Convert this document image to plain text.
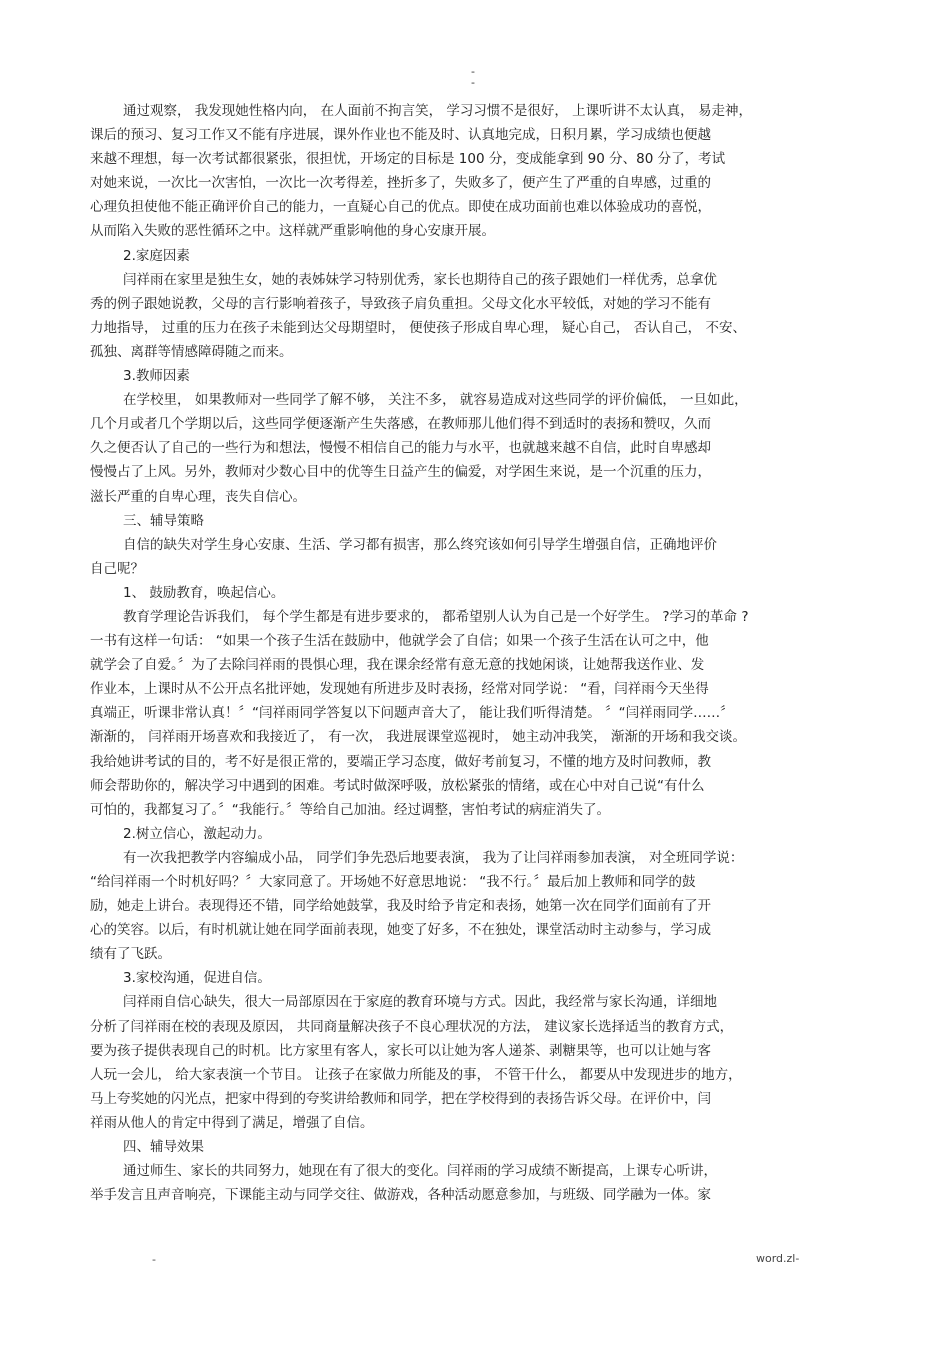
-
-
通过观察， 我发现她性格内向， 在人面前不拘言笑， 学习习惯不是很好， 上课听讲不太认真， 易走神，
课后的预习、复习工作又不能有序进展，课外作业也不能及时、认真地完成，日积月累，学习成绩也便越
来越不理想，每一次考试都很紧张，很担忧，开场定的目标是 100 分，变成能拿到 90 分、80 分了，考试
对她来说，一次比一次害怕，一次比一次考得差，挫折多了，失败多了，便产生了严重的自卑感，过重的
心理负担使他不能正确评价自己的能力，一直疑心自己的优点。即使在成功面前也难以体验成功的喜悦，
从而陷入失败的恶性循环之中。这样就严重影响他的身心安康开展。
2.家庭因素
闫祥雨在家里是独生女，她的表姊妹学习特别优秀，家长也期待自己的孩子跟她们一样优秀，总拿优
秀的例子跟她说教，父母的言行影响着孩子，导致孩子肩负重担。父母文化水平较低，对她的学习不能有
力地指导， 过重的压力在孩子未能到达父母期望时， 便使孩子形成自卑心理， 疑心自己， 否认自己， 不安、
孤独、离群等情感障碍随之而来。
3.教师因素
在学校里， 如果教师对一些同学了解不够， 关注不多， 就容易造成对这些同学的评价偏低， 一旦如此，
几个月或者几个学期以后，这些同学便逐渐产生失落感，在教师那儿他们得不到适时的表扬和赞叹，久而
久之便否认了自己的一些行为和想法，慢慢不相信自己的能力与水平，也就越来越不自信，此时自卑感却
慢慢占了上风。另外，教师对少数心目中的优等生日益产生的偏爱，对学困生来说，是一个沉重的压力，
滋长严重的自卑心理，丧失自信心。
三、辅导策略
自信的缺失对学生身心安康、生活、学习都有损害，那么终究该如何引导学生增强自信，正确地评价
自己呢？
1、 鼓励教育，唤起信心。
教育学理论告诉我们， 每个学生都是有进步要求的， 都希望别人认为自己是一个好学生。 ?学习的革命 ?
一书有这样一句话： “如果一个孩子生活在鼓励中，他就学会了自信；如果一个孩子生活在认可之中，他
就学会了自爱。〞为了去除闫祥雨的畏惧心理，我在课余经常有意无意的找她闲谈，让她帮我送作业、发
作业本，上课时从不公开点名批评她，发现她有所进步及时表扬，经常对同学说： “看，闫祥雨今天坐得
真端正，听课非常认真！〞“闫祥雨同学答复以下问题声音大了， 能让我们听得清楚。 〞“闫祥雨同学……〞
渐渐的， 闫祥雨开场喜欢和我接近了， 有一次， 我进展课堂巡视时， 她主动冲我笑， 渐渐的开场和我交谈。
我给她讲考试的目的，考不好是很正常的，要端正学习态度，做好考前复习，不懂的地方及时问教师，教
师会帮助你的，解决学习中遇到的困难。考试时做深呼吸，放松紧张的情绪，或在心中对自己说“有什么
可怕的，我都复习了。〞“我能行。〞等给自己加油。经过调整，害怕考试的病症消失了。
2.树立信心，激起动力。
有一次我把教学内容编成小品， 同学们争先恐后地要表演， 我为了让闫祥雨参加表演， 对全班同学说：
“给闫祥雨一个时机好吗？〞大家同意了。开场她不好意思地说： “我不行。〞最后加上教师和同学的鼓
励，她走上讲台。表现得还不错，同学给她鼓掌，我及时给予肯定和表扬，她第一次在同学们面前有了开
心的笑容。以后，有时机就让她在同学面前表现，她变了好多，不在独处，课堂活动时主动参与，学习成
绩有了飞跃。
3.家校沟通，促进自信。
闫祥雨自信心缺失，很大一局部原因在于家庭的教育环境与方式。因此，我经常与家长沟通，详细地
分析了闫祥雨在校的表现及原因， 共同商量解决孩子不良心理状况的方法， 建议家长选择适当的教育方式，
要为孩子提供表现自己的时机。比方家里有客人，家长可以让她为客人递茶、剥糖果等，也可以让她与客
人玩一会儿， 给大家表演一个节目。 让孩子在家做力所能及的事， 不管干什么， 都要从中发现进步的地方，
马上夸奖她的闪光点，把家中得到的夸奖讲给教师和同学，把在学校得到的表扬告诉父母。在评价中，闫
祥雨从他人的肯定中得到了满足，增强了自信。
四、辅导效果
通过师生、家长的共同努力，她现在有了很大的变化。闫祥雨的学习成绩不断提高，上课专心听讲，
举手发言且声音响亮，下课能主动与同学交往、做游戏，各种活动愿意参加，与班级、同学融为一体。家
-	word.zl-
